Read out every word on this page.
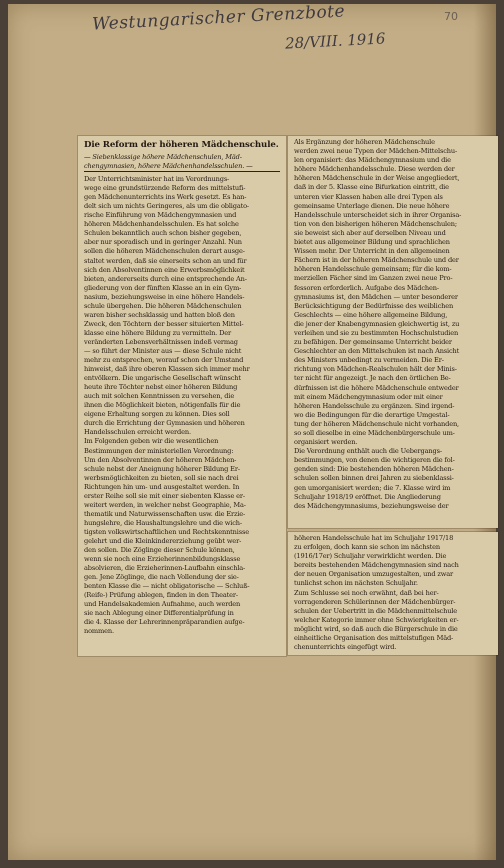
Westungarischer Grenzbote
28/VIII. 1916
70
Die Reform der höheren Mädchenschule.
— Siebenklassige höhere Mädchenschulen, Mäd-
chengymnasien, höhere Mädchenhandelsschulen. —
Der Unterrichtsminister hat im Verordnungs-
wege eine grundstürzende Reform des mittelstufi-
gen Mädchenunterrichts ins Werk gesetzt. Es han-
delt sich um nichts Geringeres, als um die obligato-
rische Einführung von Mädchengymnasien und
höheren Mädchenhandelsschulen. Es hat solche
Schulen bekanntlich auch schon bisher gegeben,
aber nur sporadisch und in geringer Anzahl. Nun
sollen die höheren Mädchenschulen derart ausge-
staltet werden, daß sie einerseits schon an und für
sich den Absolventinnen eine Erwerbsmöglichkeit
bieten, andererseits durch eine entsprechende An-
gliederung von der fünften Klasse an in ein Gym-
nasium, beziehungsweise in eine höhere Handels-
schule übergehen. Die höheren Mädchenschulen
waren bisher sechsklassig und hatten bloß den
Zweck, den Töchtern der besser situierten Mittel-
klasse eine höhere Bildung zu vermitteln. Der
veränderten Lebensverhältnissen indeß vermag
— so führt der Minister aus — diese Schule nicht
mehr zu entsprechen, worauf schon der Umstand
hinweist, daß ihre oberen Klassen sich immer mehr
entvölkern. Die ungarische Gesellschaft wünscht
heute ihre Töchter nebst einer höheren Bildung
auch mit solchen Kenntnissen zu versehen, die
ihnen die Möglichkeit bieten, nötigenfalls für die
eigene Erhaltung sorgen zu können. Dies soll
durch die Errichtung der Gymnasien und höheren
Handelsschulen erreicht werden.
Im Folgenden geben wir die wesentlichen
Bestimmungen der ministeriellen Verordnung:
Um den Absolventinnen der höheren Mädchen-
schule nebst der Aneignung höherer Bildung Er-
werbsmöglichkeiten zu bieten, soll sie nach drei
Richtungen hin um- und ausgestaltet werden. In
erster Reihe soll sie mit einer siebenten Klasse er-
weitert werden, in welcher nebst Geographie, Ma-
thematik und Naturwissenschaften usw. die Erzie-
hungslehre, die Haushaltungslehre und die wich-
tigsten volkswirtschaftlichen und Rechtskenntnisse
gelehrt und die Kleinkindererziehung geübt wer-
den sollen. Die Zöglinge dieser Schule können,
wenn sie noch eine Erzieherinnenbildungsklasse
absolvieren, die Erzieherinnen-Laufbahn einschla-
gen. Jene Zöglinge, die nach Vollendung der sie-
benten Klasse die — nicht obligatorische — Schluß-
(Reife-) Prüfung ablegen, finden in den Theater-
und Handelsakademien Aufnahme, auch werden
sie nach Ablegung einer Differentialprüfung in
die 4. Klasse der Lehrerinnenpräparandien aufge-
nommen.
Als Ergänzung der höheren Mädchenschule
werden zwei neue Typen der Mädchen-Mittelschu-
len organisiert: das Mädchengymnasium und die
höhere Mädchenhandelsschule. Diese werden der
höheren Mädchenschule in der Weise angegliedert,
daß in der 5. Klasse eine Bifurkation eintritt, die
unteren vier Klassen haben alle drei Typen als
gemeinsame Unterlage dienen. Die neue höhere
Handelsschule unterscheidet sich in ihrer Organisa-
tion von den bisherigen höheren Mädchenschulen;
sie beweist sich aber auf derselben Niveau und
bietet aus allgemeiner Bildung und sprachlichen
Wissen mehr. Der Unterricht in den allgemeinen
Fächern ist in der höheren Mädchenschule und der
höheren Handelsschule gemeinsam; für die kom-
merziellen Fächer sind im Ganzen zwei neue Pro-
fessoren erforderlich. Aufgabe des Mädchen-
gymnasiums ist, den Mädchen — unter besonderer
Berücksichtigung der Bedürfnisse des weiblichen
Geschlechts — eine höhere allgemeine Bildung,
die jener der Knabengymnasien gleichwertig ist, zu
verleihen und sie zu bestimmten Hochschulstudien
zu befähigen. Der gemeinsame Unterricht beider
Geschlechter an den Mittelschulen ist nach Ansicht
des Ministers unbedingt zu vermeiden. Die Er-
richtung von Mädchen-Realschulen hält der Minis-
ter nicht für angezeigt. Je nach den örtlichen Be-
dürfnissen ist die höhere Mädchenschule entweder
mit einem Mädchengymnasium oder mit einer
höheren Handelsschule zu ergänzen. Sind irgend-
wo die Bedingungen für die derartige Umgestal-
tung der höheren Mädchenschule nicht vorhanden,
so soll dieselbe in eine Mädchenbürgerschule um-
organisiert werden.
Die Verordnung enthält auch die Uebergangs-
bestimmungen, von denen die wichtigeren die fol-
genden sind: Die bestehenden höheren Mädchen-
schulen sollen binnen drei Jahren zu siebenklassi-
gen umorganisiert werden; die 7. Klasse wird im
Schuljahr 1918/19 eröffnet. Die Angliederung
des Mädchengymnasiums, beziehungsweise der
höheren Handelsschule hat im Schuljahr 1917/18
zu erfolgen, doch kann sie schon im nächsten
(1916/17er) Schuljahr verwirklicht werden. Die
bereits bestehenden Mädchengymnasien sind nach
der neuen Organisation umzugestalten, und zwar
tunlichst schon im nächsten Schuljahr.
Zum Schlusse sei noch erwähnt, daß bei her-
vorragenderen Schülerinnen der Mädchenbürger-
schulen der Uebertritt in die Mädchenmittelschule
welcher Kategorie immer ohne Schwierigkeiten er-
möglicht wird, so daß auch die Bürgerschule in die
einheitliche Organisation des mittelstufigen Mäd-
chenunterrichts eingefügt wird.
